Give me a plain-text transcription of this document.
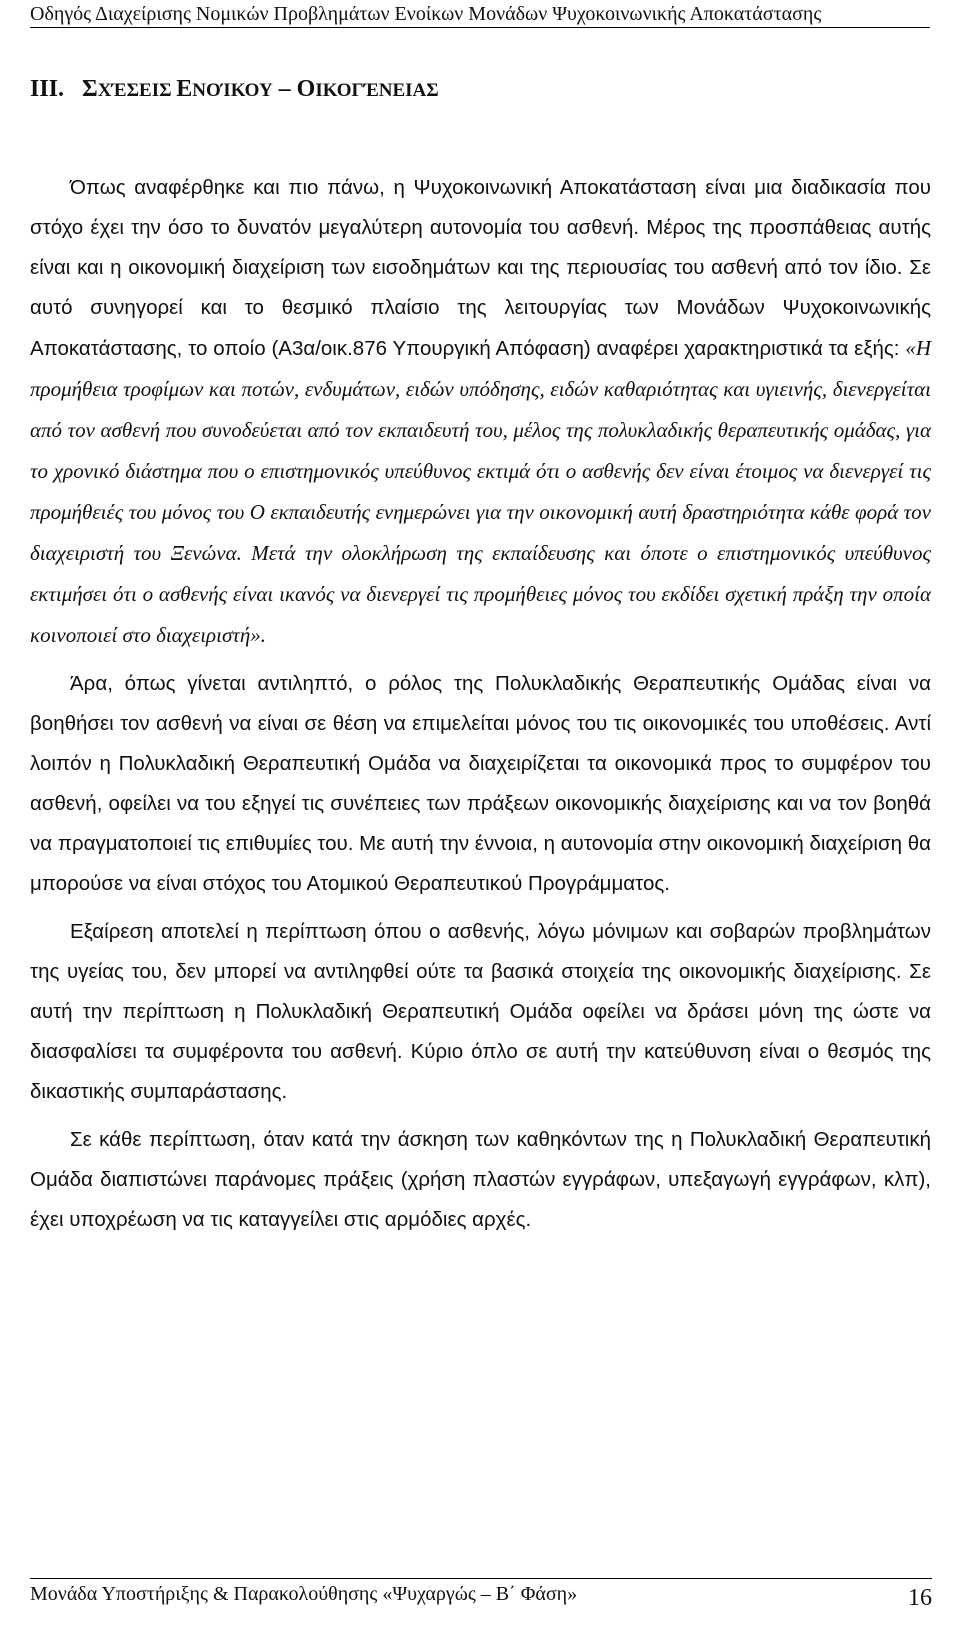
Οδηγός Διαχείρισης Νομικών Προβλημάτων Ενοίκων Μονάδων Ψυχοκοινωνικής Αποκατάστασης
III. ΣΧΈΣΕΙΣ ΕΝΟΊΚΟΥ – ΟΙΚΟΓΈΝΕΙΑΣ

Όπως αναφέρθηκε και πιο πάνω, η Ψυχοκοινωνική Αποκατάσταση είναι μια διαδικασία που στόχο έχει την όσο το δυνατόν μεγαλύτερη αυτονομία του ασθενή. Μέρος της προσπάθειας αυτής είναι και η οικονομική διαχείριση των εισοδημάτων και της περιουσίας του ασθενή από τον ίδιο. Σε αυτό συνηγορεί και το θεσμικό πλαίσιο της λειτουργίας των Μονάδων Ψυχοκοινωνικής Αποκατάστασης, το οποίο (Α3α/οικ.876 Υπουργική Απόφαση) αναφέρει χαρακτηριστικά τα εξής: «Η προμήθεια τροφίμων και ποτών, ενδυμάτων, ειδών υπόδησης, ειδών καθαριότητας και υγιεινής, διενεργείται από τον ασθενή που συνοδεύεται από τον εκπαιδευτή του, μέλος της πολυκλαδικής θεραπευτικής ομάδας, για το χρονικό διάστημα που ο επιστημονικός υπεύθυνος εκτιμά ότι ο ασθενής δεν είναι έτοιμος να διενεργεί τις προμήθειές του μόνος του Ο εκπαιδευτής ενημερώνει για την οικονομική αυτή δραστηριότητα κάθε φορά τον διαχειριστή του Ξενώνα. Μετά την ολοκλήρωση της εκπαίδευσης και όποτε ο επιστημονικός υπεύθυνος εκτιμήσει ότι ο ασθενής είναι ικανός να διενεργεί τις προμήθειες μόνος του εκδίδει σχετική πράξη την οποία κοινοποιεί στο διαχειριστή».

Άρα, όπως γίνεται αντιληπτό, ο ρόλος της Πολυκλαδικής Θεραπευτικής Ομάδας είναι να βοηθήσει τον ασθενή να είναι σε θέση να επιμελείται μόνος του τις οικονομικές του υποθέσεις. Αντί λοιπόν η Πολυκλαδική Θεραπευτική Ομάδα να διαχειρίζεται τα οικονομικά προς το συμφέρον του ασθενή, οφείλει να του εξηγεί τις συνέπειες των πράξεων οικονομικής διαχείρισης και να τον βοηθά να πραγματοποιεί τις επιθυμίες του. Με αυτή την έννοια, η αυτονομία στην οικονομική διαχείριση θα μπορούσε να είναι στόχος του Ατομικού Θεραπευτικού Προγράμματος.

Εξαίρεση αποτελεί η περίπτωση όπου ο ασθενής, λόγω μόνιμων και σοβαρών προβλημάτων της υγείας του, δεν μπορεί να αντιληφθεί ούτε τα βασικά στοιχεία της οικονομικής διαχείρισης. Σε αυτή την περίπτωση η Πολυκλαδική Θεραπευτική Ομάδα οφείλει να δράσει μόνη της ώστε να διασφαλίσει τα συμφέροντα του ασθενή. Κύριο όπλο σε αυτή την κατεύθυνση είναι ο θεσμός της δικαστικής συμπαράστασης.

Σε κάθε περίπτωση, όταν κατά την άσκηση των καθηκόντων της η Πολυκλαδική Θεραπευτική Ομάδα διαπιστώνει παράνομες πράξεις (χρήση πλαστών εγγράφων, υπεξαγωγή εγγράφων, κλπ), έχει υποχρέωση να τις καταγγείλει στις αρμόδιες αρχές.

Μονάδα Υποστήριξης & Παρακολούθησης «Ψυχαργώς – Β΄ Φάση»	16
